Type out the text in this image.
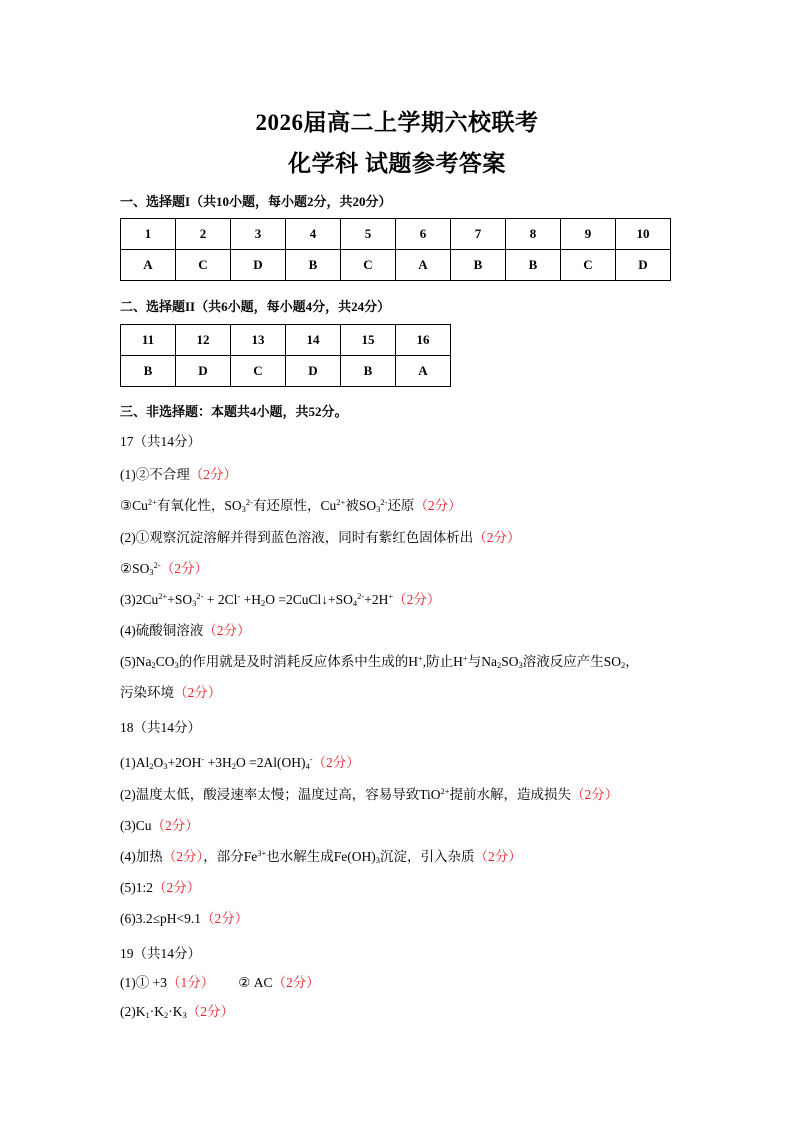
2026届高二上学期六校联考
化学科 试题参考答案
一、选择题I（共10小题，每小题2分，共20分）
1	2	3	4	5	6	7	8	9	10
A	C	D	B	C	A	B	B	C	D
二、选择题II（共6小题，每小题4分，共24分）
11	12	13	14	15	16
B	D	C	D	B	A
三、非选择题：本题共4小题，共52分。
17（共14分）
(1)②不合理（2分）
$③Cu^{2+}$有氧化性，$SO_3^{2-}$有还原性，$Cu^{2+}$被$SO_3^{2-}$还原（2分）
(2)①观察沉淀溶解并得到蓝色溶液，同时有紫红色固体析出（2分）
$②SO_3^{2-}(2$分）
$(3)2Cu^{2+}+SO_3^{2-} + 2Cl^- +H_2O$ $=2CuCl↓+SO_4^{2-}+2H^+(2$分）
(4)硫酸铜溶液（2分）
$(5)Na_2CO_3$的作用就是及时消耗反应体系中生成的H+,防止H+与$Na_2SO_3$溶液反应产生$SO_2$，
污染环境（2分）
18（共14分）
$(1)Al_2O_3+2OH^- +3H_2O =2Al(OH)_4^-(2$分）
(2)温度太低，酸浸速率太慢；温度过高，容易导致TiO$^{2+}$提前水解，造成损失（2分）
(3)Cu（2分）
(4)加热（2分），部分$Fe^{3+}$也水解生成$Fe(OH)_3$沉淀，引入杂质（2分）
(5)1:2（2分）
(6)3.2≤pH<9.1（2分）
19（共14分）
(1)① +3（1分） ② AC（2分）
$(2)K_1\cdot K_2\cdot K_3(2$分）
